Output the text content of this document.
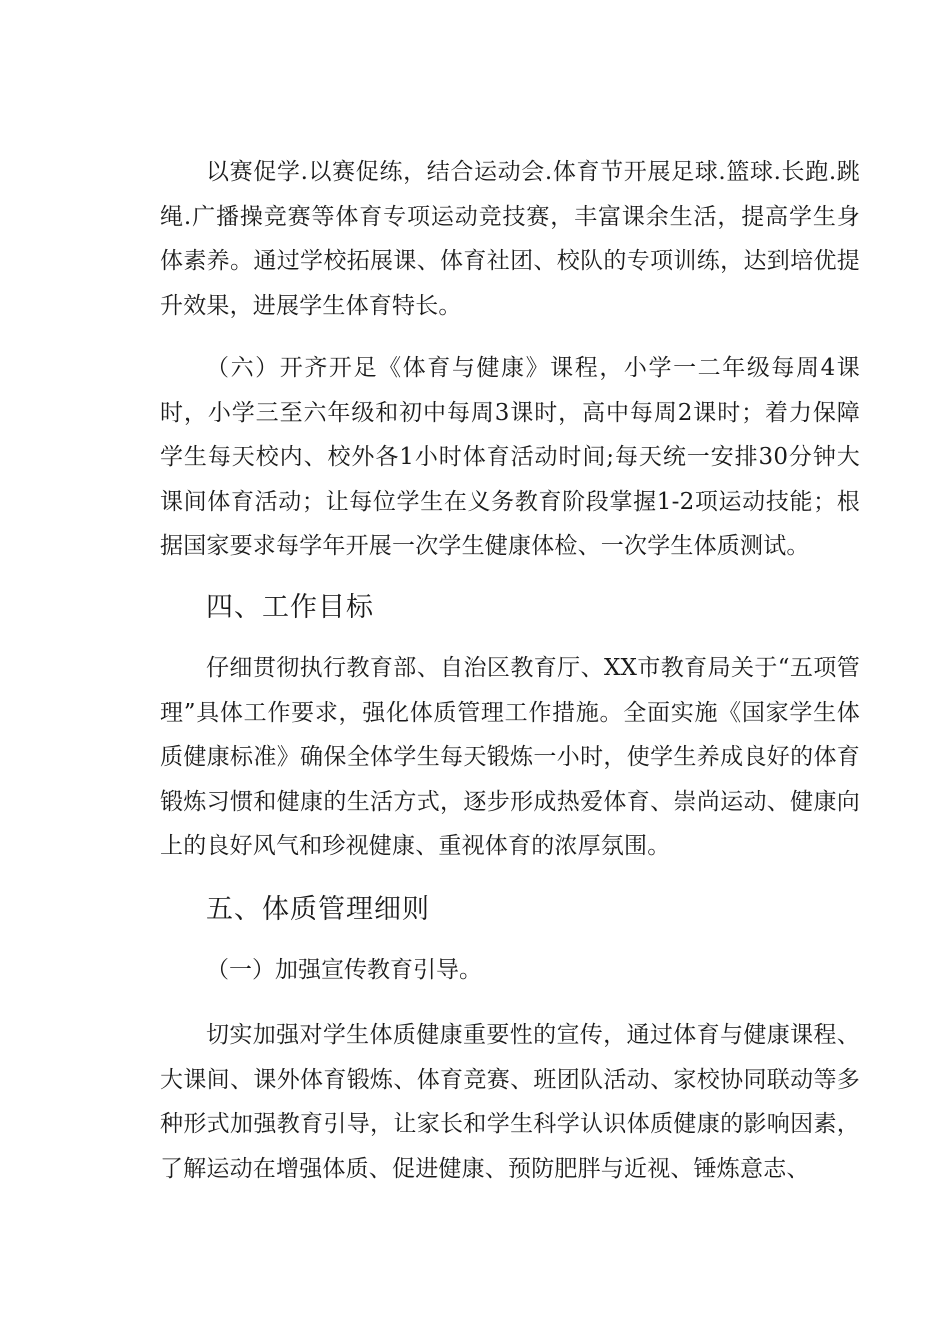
以赛促学.以赛促练，结合运动会.体育节开展足球.篮球.长跑.跳绳.广播操竞赛等体育专项运动竞技赛，丰富课余生活，提高学生身体素养。通过学校拓展课、体育社团、校队的专项训练，达到培优提升效果，进展学生体育特长。

（六）开齐开足《体育与健康》课程，小学一二年级每周4课时，小学三至六年级和初中每周3课时，高中每周2课时；着力保障学生每天校内、校外各1小时体育活动时间;每天统一安排30分钟大课间体育活动；让每位学生在义务教育阶段掌握1-2项运动技能；根据国家要求每学年开展一次学生健康体检、一次学生体质测试。

四、工作目标

仔细贯彻执行教育部、自治区教育厅、XX市教育局关于“五项管理”具体工作要求，强化体质管理工作措施。全面实施《国家学生体质健康标准》确保全体学生每天锻炼一小时，使学生养成良好的体育锻炼习惯和健康的生活方式，逐步形成热爱体育、崇尚运动、健康向上的良好风气和珍视健康、重视体育的浓厚氛围。

五、体质管理细则

（一）加强宣传教育引导。

切实加强对学生体质健康重要性的宣传，通过体育与健康课程、大课间、课外体育锻炼、体育竞赛、班团队活动、家校协同联动等多种形式加强教育引导，让家长和学生科学认识体质健康的影响因素，了解运动在增强体质、促进健康、预防肥胖与近视、锤炼意志、
